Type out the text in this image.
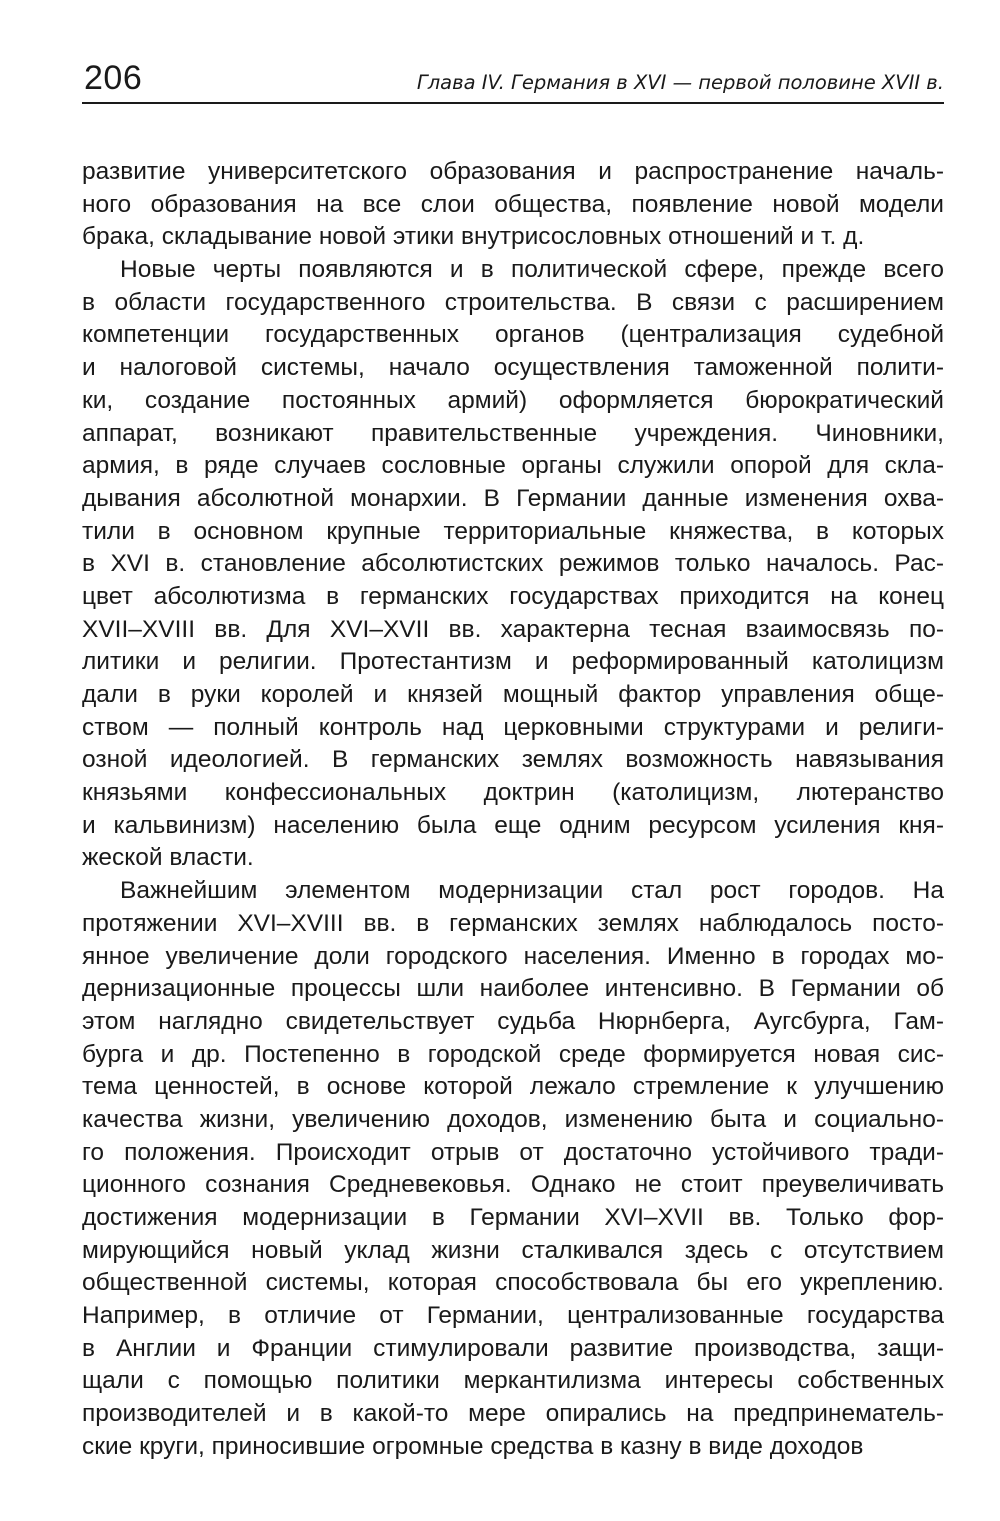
206	Глава IV. Германия в XVI — первой половине XVII в.

развитие университетского образования и распространение началь-
ного образования на все слои общества, появление новой модели
брака, складывание новой этики внутрисословных отношений и т. д.

Новые черты появляются и в политической сфере, прежде всего
в области государственного строительства. В связи с расширением
компетенции государственных органов (централизация судебной
и налоговой системы, начало осуществления таможенной полити-
ки, создание постоянных армий) оформляется бюрократический
аппарат, возникают правительственные учреждения. Чиновники,
армия, в ряде случаев сословные органы служили опорой для скла-
дывания абсолютной монархии. В Германии данные изменения охва-
тили в основном крупные территориальные княжества, в которых
в XVI в. становление абсолютистских режимов только началось. Рас-
цвет абсолютизма в германских государствах приходится на конец
XVII–XVIII вв. Для XVI–XVII вв. характерна тесная взаимосвязь по-
литики и религии. Протестантизм и реформированный католицизм
дали в руки королей и князей мощный фактор управления обще-
ством — полный контроль над церковными структурами и религи-
озной идеологией. В германских землях возможность навязывания
князьями конфессиональных доктрин (католицизм, лютеранство
и кальвинизм) населению была еще одним ресурсом усиления кня-
жеской власти.

Важнейшим элементом модернизации стал рост городов. На
протяжении XVI–XVIII вв. в германских землях наблюдалось посто-
янное увеличение доли городского населения. Именно в городах мо-
дернизационные процессы шли наиболее интенсивно. В Германии об
этом наглядно свидетельствует судьба Нюрнберга, Аугсбурга, Гам-
бурга и др. Постепенно в городской среде формируется новая сис-
тема ценностей, в основе которой лежало стремление к улучшению
качества жизни, увеличению доходов, изменению быта и социально-
го положения. Происходит отрыв от достаточно устойчивого тради-
ционного сознания Средневековья. Однако не стоит преувеличивать
достижения модернизации в Германии XVI–XVII вв. Только фор-
мирующийся новый уклад жизни сталкивался здесь с отсутствием
общественной системы, которая способствовала бы его укреплению.
Например, в отличие от Германии, централизованные государства
в Англии и Франции стимулировали развитие производства, защи-
щали с помощью политики меркантилизма интересы собственных
производителей и в какой-то мере опирались на предпринематель-
ские круги, приносившие огромные средства в казну в виде доходов
